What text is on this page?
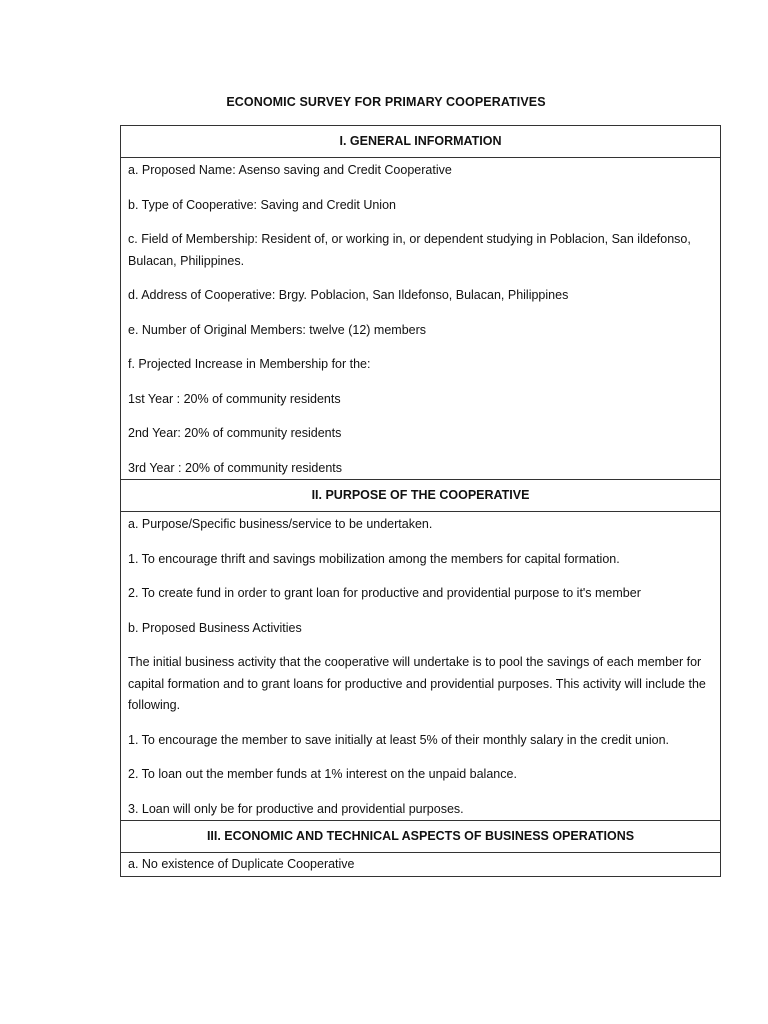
ECONOMIC SURVEY FOR PRIMARY COOPERATIVES
I. GENERAL INFORMATION

a. Proposed Name: Asenso saving and Credit Cooperative

b. Type of Cooperative: Saving and Credit Union

c. Field of Membership: Resident of, or working in, or dependent studying in Poblacion, San ildefonso, Bulacan, Philippines.

d. Address of Cooperative: Brgy. Poblacion, San Ildefonso, Bulacan, Philippines

e. Number of Original Members: twelve (12) members

f. Projected Increase in Membership for the:

1st Year : 20% of community residents

2nd Year: 20% of community residents

3rd Year : 20% of community residents

II. PURPOSE OF THE COOPERATIVE

a. Purpose/Specific business/service to be undertaken.

1. To encourage thrift and savings mobilization among the members for capital formation.

2. To create fund in order to grant loan for productive and providential purpose to it's member

b. Proposed Business Activities

The initial business activity that the cooperative will undertake is to pool the savings of each member for capital formation and to grant loans for productive and providential purposes. This activity will include the following.

1. To encourage the member to save initially at least 5% of their monthly salary in the credit union.

2. To loan out the member funds at 1% interest on the unpaid balance.

3. Loan will only be for productive and providential purposes.

III. ECONOMIC AND TECHNICAL ASPECTS OF BUSINESS OPERATIONS

a. No existence of Duplicate Cooperative
